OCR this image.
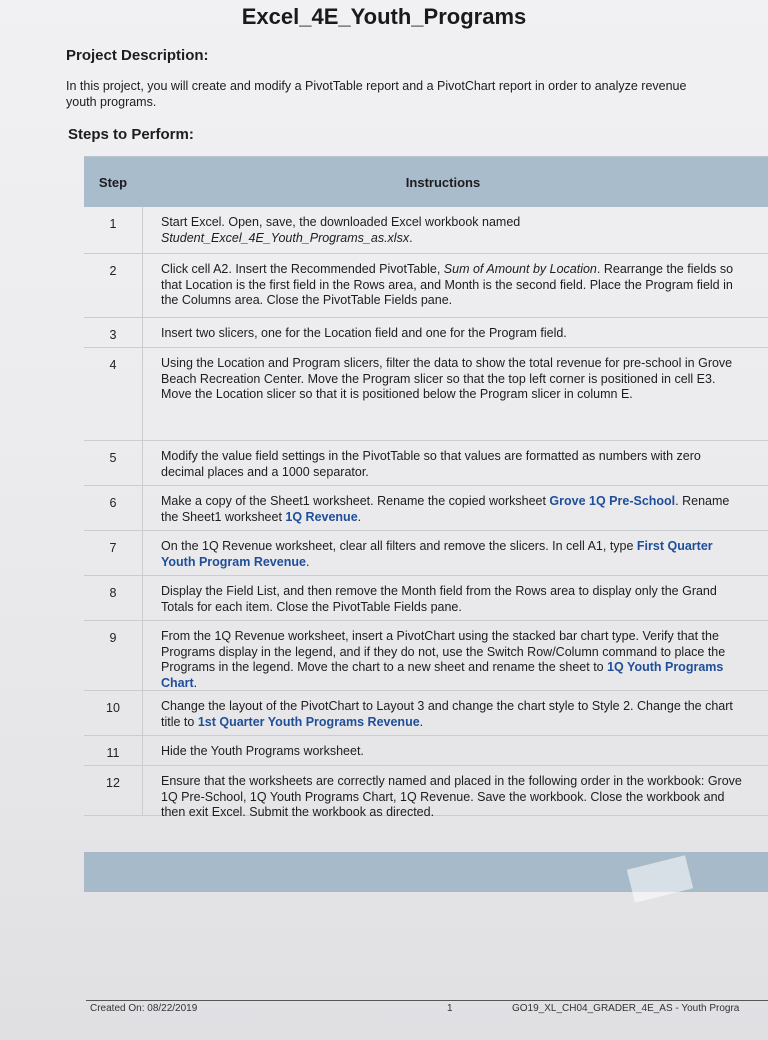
Excel_4E_Youth_Programs
Project Description:
In this project, you will create and modify a PivotTable report and a PivotChart report in order to analyze revenue
youth programs.
Steps to Perform:
Step	Instructions
1	Start Excel. Open, save, the downloaded Excel workbook named
Student_Excel_4E_Youth_Programs_as.xlsx.
2	Click cell A2. Insert the Recommended PivotTable, Sum of Amount by Location. Rearrange the fields so that Location is the first field in the Rows area, and Month is the second field. Place the Program field in the Columns area. Close the PivotTable Fields pane.
3	Insert two slicers, one for the Location field and one for the Program field.
4	Using the Location and Program slicers, filter the data to show the total revenue for pre-school in Grove Beach Recreation Center. Move the Program slicer so that the top left corner is positioned in cell E3. Move the Location slicer so that it is positioned below the Program slicer in column E.
5	Modify the value field settings in the PivotTable so that values are formatted as numbers with zero decimal places and a 1000 separator.
6	Make a copy of the Sheet1 worksheet. Rename the copied worksheet Grove 1Q Pre-School. Rename the Sheet1 worksheet 1Q Revenue.
7	On the 1Q Revenue worksheet, clear all filters and remove the slicers. In cell A1, type First Quarter Youth Program Revenue.
8	Display the Field List, and then remove the Month field from the Rows area to display only the Grand Totals for each item. Close the PivotTable Fields pane.
9	From the 1Q Revenue worksheet, insert a PivotChart using the stacked bar chart type. Verify that the Programs display in the legend, and if they do not, use the Switch Row/Column command to place the Programs in the legend. Move the chart to a new sheet and rename the sheet to 1Q Youth Programs Chart.
10	Change the layout of the PivotChart to Layout 3 and change the chart style to Style 2. Change the chart title to 1st Quarter Youth Programs Revenue.
11	Hide the Youth Programs worksheet.
12	Ensure that the worksheets are correctly named and placed in the following order in the workbook: Grove 1Q Pre-School, 1Q Youth Programs Chart, 1Q Revenue. Save the workbook. Close the workbook and then exit Excel. Submit the workbook as directed.
Created On: 08/22/2019	1	GO19_XL_CH04_GRADER_4E_AS - Youth Progra
